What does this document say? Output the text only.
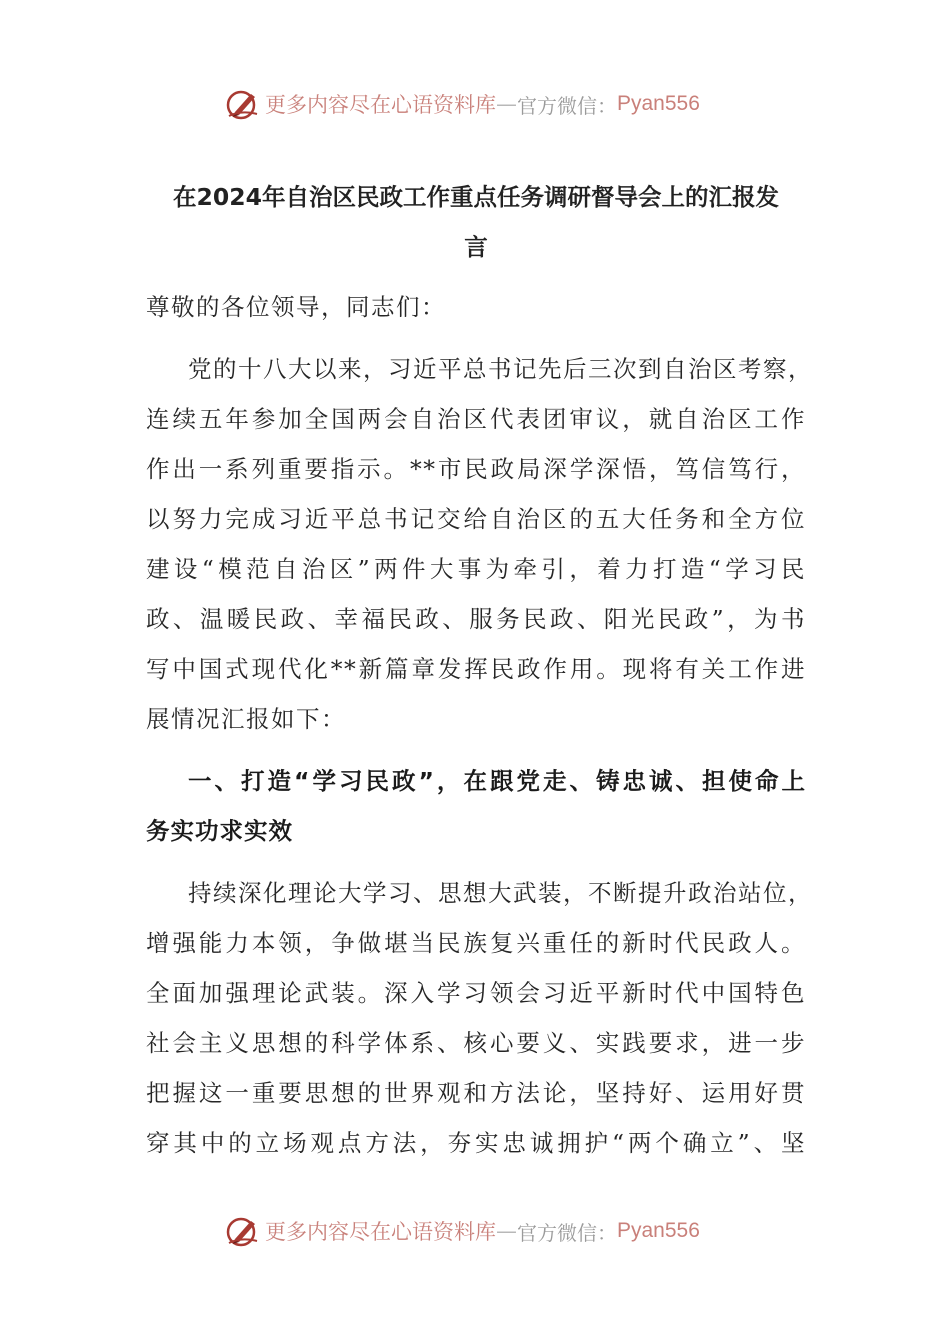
更多内容尽在心语资料库 — 官方微信： Pyan556
在2024年自治区民政工作重点任务调研督导会上的汇报发
言
尊敬的各位领导，同志们：
党的十八大以来，习近平总书记先后三次到自治区考察，
连续五年参加全国两会自治区代表团审议，就自治区工作
作出一系列重要指示。**市民政局深学深悟，笃信笃行，
以努力完成习近平总书记交给自治区的五大任务和全方位
建设“模范自治区”两件大事为牵引，着力打造“学习民
政、温暖民政、幸福民政、服务民政、阳光民政”，为书
写中国式现代化**新篇章发挥民政作用。现将有关工作进
展情况汇报如下：
一、打造“学习民政”，在跟党走、铸忠诚、担使命上
务实功求实效
持续深化理论大学习、思想大武装，不断提升政治站位，
增强能力本领，争做堪当民族复兴重任的新时代民政人。
全面加强理论武装。深入学习领会习近平新时代中国特色
社会主义思想的科学体系、核心要义、实践要求，进一步
把握这一重要思想的世界观和方法论，坚持好、运用好贯
穿其中的立场观点方法，夯实忠诚拥护“两个确立”、坚
更多内容尽在心语资料库 — 官方微信： Pyan556
